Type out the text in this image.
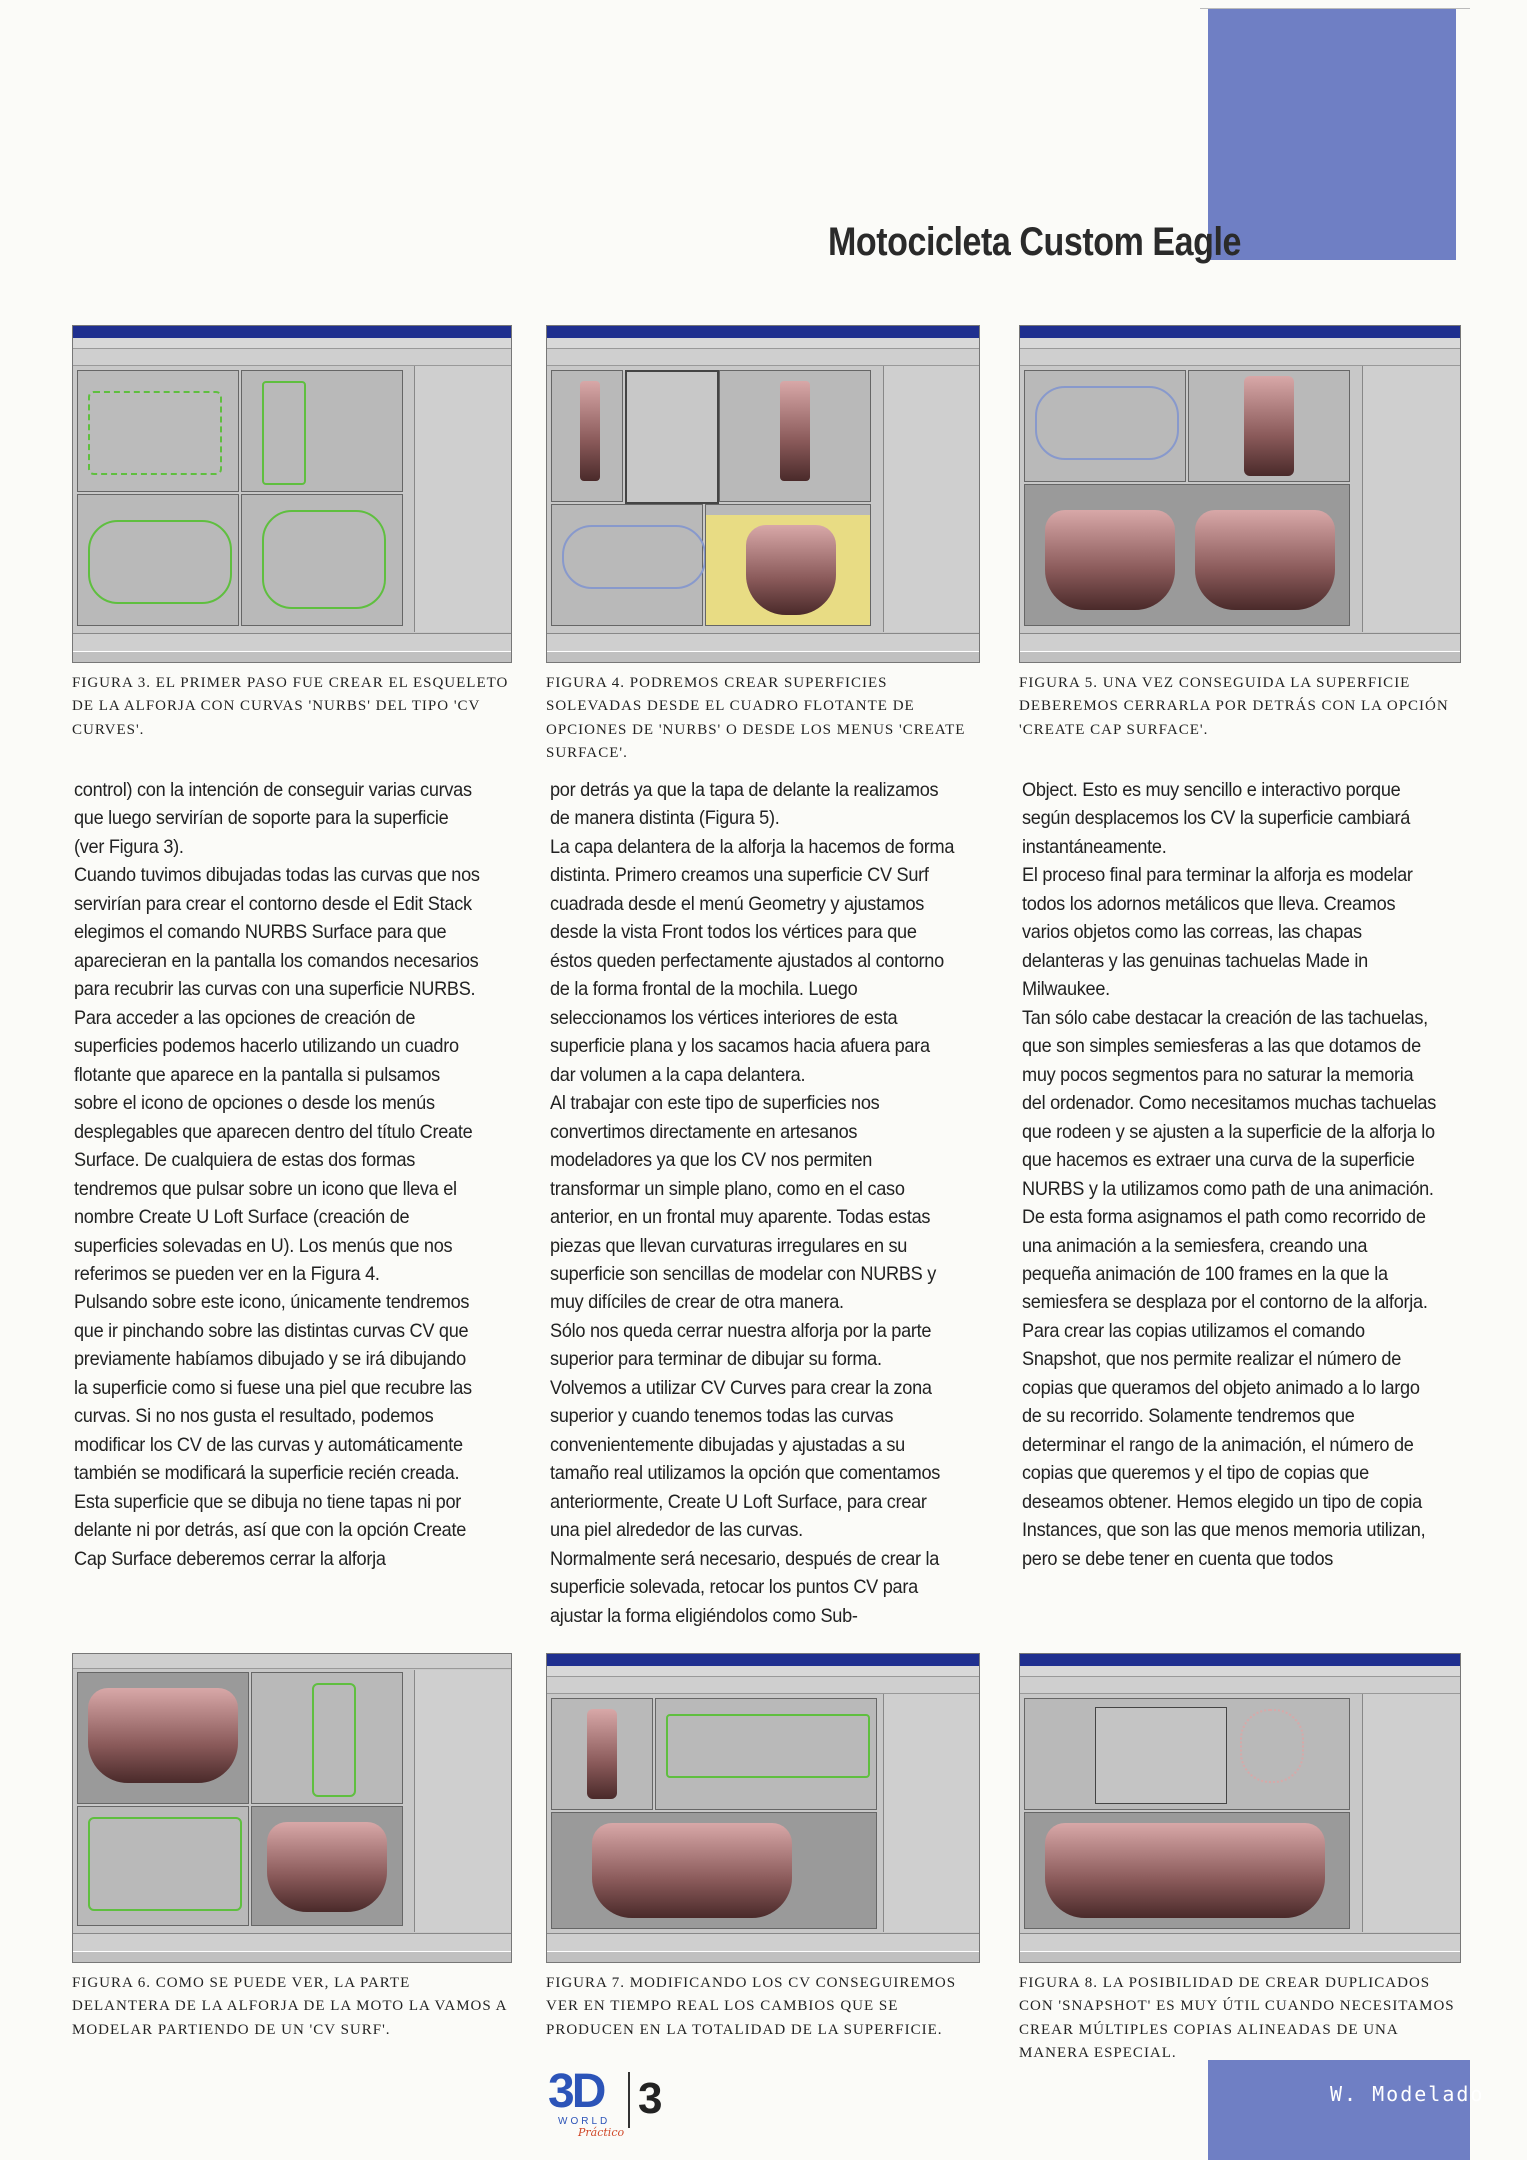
Motocicleta Custom Eagle
FIGURA 3. EL PRIMER PASO FUE CREAR EL ESQUELETO DE LA ALFORJA CON CURVAS 'NURBS' DEL TIPO 'CV CURVES'.
FIGURA 4. PODREMOS CREAR SUPERFICIES SOLEVADAS DESDE EL CUADRO FLOTANTE DE OPCIONES DE 'NURBS' O DESDE LOS MENUS 'CREATE SURFACE'.
FIGURA 5. UNA VEZ CONSEGUIDA LA SUPERFICIE DEBEREMOS CERRARLA POR DETRÁS CON LA OPCIÓN 'CREATE CAP SURFACE'.
control) con la intención de conseguir varias curvas que luego servirían de soporte para la superficie (ver Figura 3).
Cuando tuvimos dibujadas todas las curvas que nos servirían para crear el contorno desde el Edit Stack elegimos el comando NURBS Surface para que aparecieran en la pantalla los comandos necesarios para recubrir las curvas con una superficie NURBS. Para acceder a las opciones de creación de superficies podemos hacerlo utilizando un cuadro flotante que aparece en la pantalla si pulsamos sobre el icono de opciones o desde los menús desplegables que aparecen dentro del título Create Surface. De cualquiera de estas dos formas tendremos que pulsar sobre un icono que lleva el nombre Create U Loft Surface (creación de superficies solevadas en U). Los menús que nos referimos se pueden ver en la Figura 4.
Pulsando sobre este icono, únicamente tendremos que ir pinchando sobre las distintas curvas CV que previamente habíamos dibujado y se irá dibujando la superficie como si fuese una piel que recubre las curvas. Si no nos gusta el resultado, podemos modificar los CV de las curvas y automáticamente también se modificará la superficie recién creada. Esta superficie que se dibuja no tiene tapas ni por delante ni por detrás, así que con la opción Create Cap Surface deberemos cerrar la alforja
por detrás ya que la tapa de delante la realizamos de manera distinta (Figura 5).
La capa delantera de la alforja la hacemos de forma distinta. Primero creamos una superficie CV Surf cuadrada desde el menú Geometry y ajustamos desde la vista Front todos los vértices para que éstos queden perfectamente ajustados al contorno de la forma frontal de la mochila. Luego seleccionamos los vértices interiores de esta superficie plana y los sacamos hacia afuera para dar volumen a la capa delantera.
Al trabajar con este tipo de superficies nos convertimos directamente en artesanos modeladores ya que los CV nos permiten transformar un simple plano, como en el caso anterior, en un frontal muy aparente. Todas estas piezas que llevan curvaturas irregulares en su superficie son sencillas de modelar con NURBS y muy difíciles de crear de otra manera.
Sólo nos queda cerrar nuestra alforja por la parte superior para terminar de dibujar su forma.
Volvemos a utilizar CV Curves para crear la zona superior y cuando tenemos todas las curvas convenientemente dibujadas y ajustadas a su tamaño real utilizamos la opción que comentamos anteriormente, Create U Loft Surface, para crear una piel alrededor de las curvas.
Normalmente será necesario, después de crear la superficie solevada, retocar los puntos CV para ajustar la forma eligiéndolos como Sub-
Object. Esto es muy sencillo e interactivo porque según desplacemos los CV la superficie cambiará instantáneamente.
El proceso final para terminar la alforja es modelar todos los adornos metálicos que lleva. Creamos varios objetos como las correas, las chapas delanteras y las genuinas tachuelas Made in Milwaukee.
Tan sólo cabe destacar la creación de las tachuelas, que son simples semiesferas a las que dotamos de muy pocos segmentos para no saturar la memoria del ordenador. Como necesitamos muchas tachuelas que rodeen y se ajusten a la superficie de la alforja lo que hacemos es extraer una curva de la superficie NURBS y la utilizamos como path de una animación. De esta forma asignamos el path como recorrido de una animación a la semiesfera, creando una pequeña animación de 100 frames en la que la semiesfera se desplaza por el contorno de la alforja.
Para crear las copias utilizamos el comando Snapshot, que nos permite realizar el número de copias que queramos del objeto animado a lo largo de su recorrido. Solamente tendremos que determinar el rango de la animación, el número de copias que queremos y el tipo de copias que deseamos obtener. Hemos elegido un tipo de copia Instances, que son las que menos memoria utilizan, pero se debe tener en cuenta que todos
FIGURA 6. COMO SE PUEDE VER, LA PARTE DELANTERA DE LA ALFORJA DE LA MOTO LA VAMOS A MODELAR PARTIENDO DE UN 'CV SURF'.
FIGURA 7. MODIFICANDO LOS CV CONSEGUIREMOS VER EN TIEMPO REAL LOS CAMBIOS QUE SE PRODUCEN EN LA TOTALIDAD DE LA SUPERFICIE.
FIGURA 8. LA POSIBILIDAD DE CREAR DUPLICADOS CON 'SNAPSHOT' ES MUY ÚTIL CUANDO NECESITAMOS CREAR MÚLTIPLES COPIAS ALINEADAS DE UNA MANERA ESPECIAL.
3D
WORLD
Práctico
3	W. Modelado
